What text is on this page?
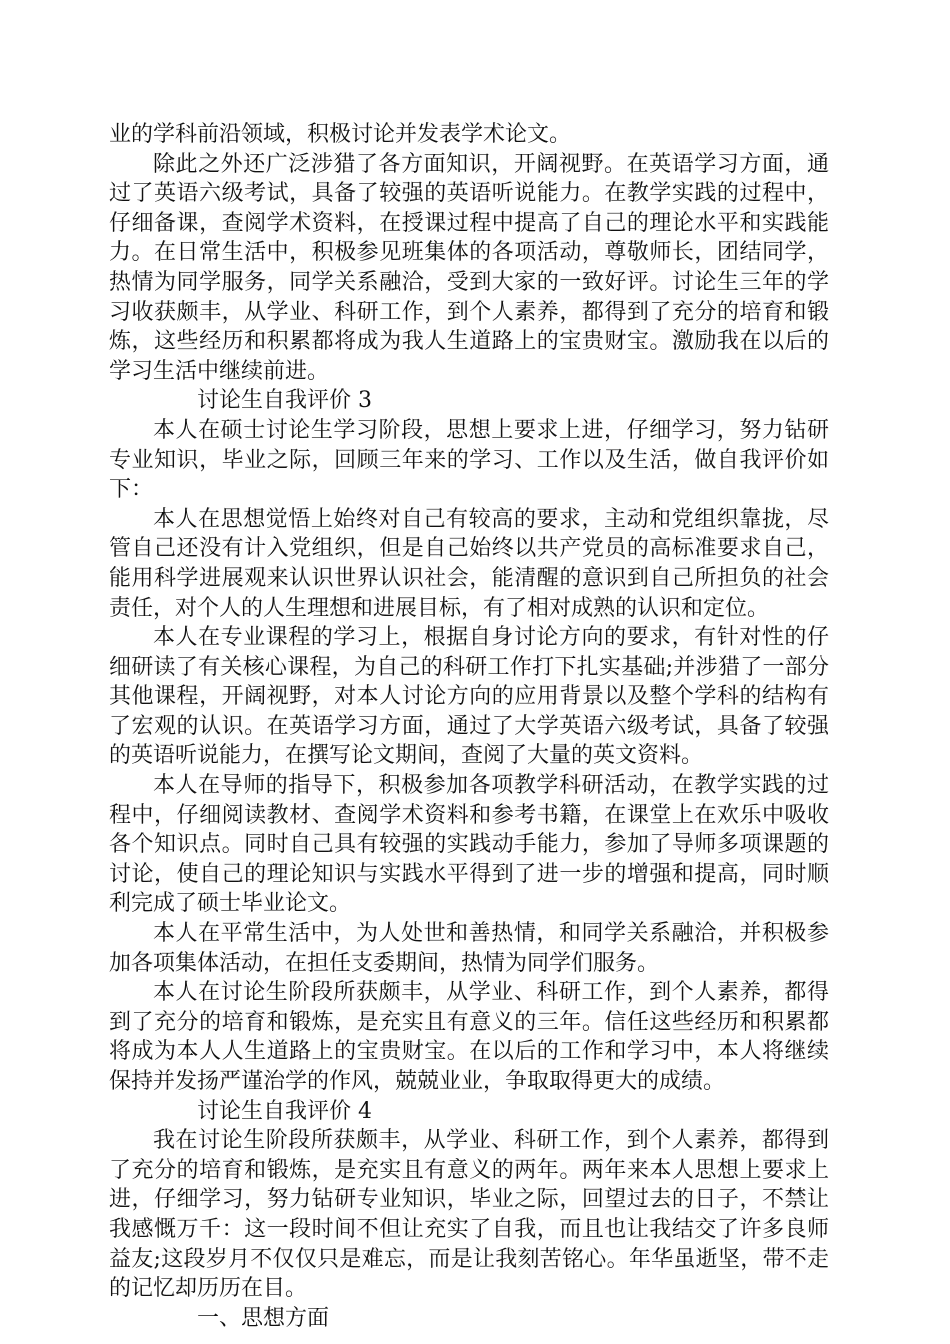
业的学科前沿领域，积极讨论并发表学术论文。

除此之外还广泛涉猎了各方面知识，开阔视野。在英语学习方面，通过了英语六级考试，具备了较强的英语听说能力。在教学实践的过程中，仔细备课，查阅学术资料，在授课过程中提高了自己的理论水平和实践能力。在日常生活中，积极参见班集体的各项活动，尊敬师长，团结同学，热情为同学服务，同学关系融洽，受到大家的一致好评。讨论生三年的学习收获颇丰，从学业、科研工作，到个人素养，都得到了充分的培育和锻炼，这些经历和积累都将成为我人生道路上的宝贵财宝。激励我在以后的学习生活中继续前进。

讨论生自我评价 3

本人在硕士讨论生学习阶段，思想上要求上进，仔细学习，努力钻研专业知识，毕业之际，回顾三年来的学习、工作以及生活，做自我评价如下：

本人在思想觉悟上始终对自己有较高的要求，主动和党组织靠拢，尽管自己还没有计入党组织，但是自己始终以共产党员的高标准要求自己，能用科学进展观来认识世界认识社会，能清醒的意识到自己所担负的社会责任，对个人的人生理想和进展目标，有了相对成熟的认识和定位。

本人在专业课程的学习上，根据自身讨论方向的要求，有针对性的仔细研读了有关核心课程，为自己的科研工作打下扎实基础;并涉猎了一部分其他课程，开阔视野，对本人讨论方向的应用背景以及整个学科的结构有了宏观的认识。在英语学习方面，通过了大学英语六级考试，具备了较强的英语听说能力，在撰写论文期间，查阅了大量的英文资料。

本人在导师的指导下，积极参加各项教学科研活动，在教学实践的过程中，仔细阅读教材、查阅学术资料和参考书籍，在课堂上在欢乐中吸收各个知识点。同时自己具有较强的实践动手能力，参加了导师多项课题的讨论，使自己的理论知识与实践水平得到了进一步的增强和提高，同时顺利完成了硕士毕业论文。

本人在平常生活中，为人处世和善热情，和同学关系融洽，并积极参加各项集体活动，在担任支委期间，热情为同学们服务。

本人在讨论生阶段所获颇丰，从学业、科研工作，到个人素养，都得到了充分的培育和锻炼，是充实且有意义的三年。信任这些经历和积累都将成为本人人生道路上的宝贵财宝。在以后的工作和学习中，本人将继续保持并发扬严谨治学的作风，兢兢业业，争取取得更大的成绩。

讨论生自我评价 4

我在讨论生阶段所获颇丰，从学业、科研工作，到个人素养，都得到了充分的培育和锻炼，是充实且有意义的两年。两年来本人思想上要求上进，仔细学习，努力钻研专业知识，毕业之际，回望过去的日子，不禁让我感慨万千：这一段时间不但让充实了自我，而且也让我结交了许多良师益友;这段岁月不仅仅只是难忘，而是让我刻苦铭心。年华虽逝坚，带不走的记忆却历历在目。

一、思想方面
